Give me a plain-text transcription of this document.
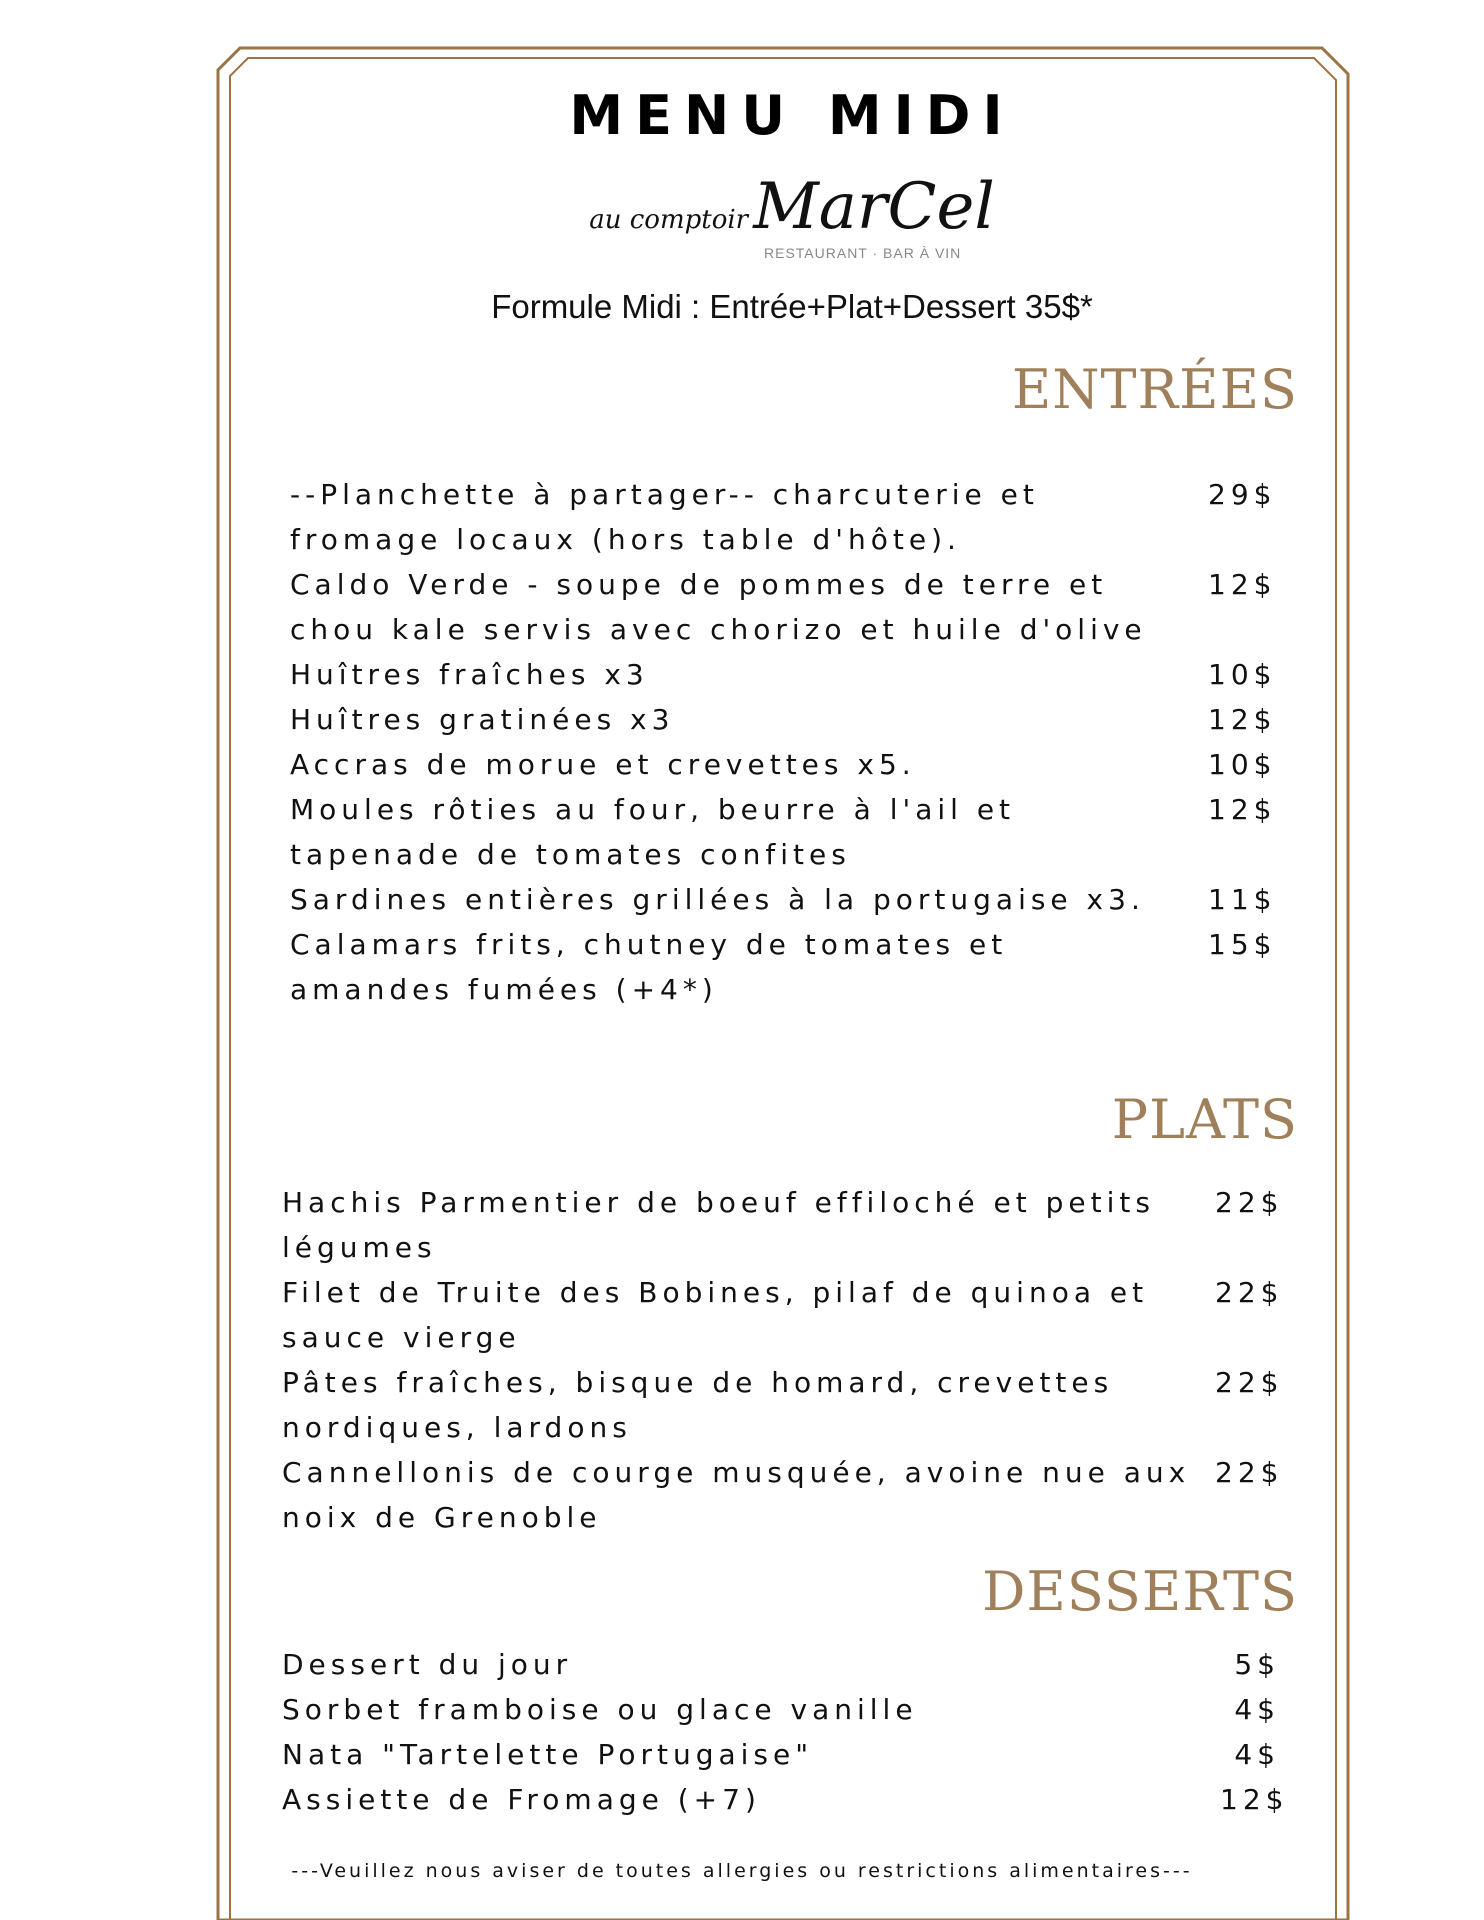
MENU MIDI
au comptoir MarCel
RESTAURANT · BAR À VIN
Formule Midi : Entrée+Plat+Dessert 35$*
ENTRÉES
PLATS
DESSERTS
--Planchette à partager-- charcuterie et
fromage locaux (hors table d'hôte).
29$
Caldo Verde - soupe de pommes de terre et
chou kale servis avec chorizo et huile d'olive
12$
Huîtres fraîches x3	10$
Huîtres gratinées x3	12$
Accras de morue et crevettes x5.	10$
Moules rôties au four, beurre à l'ail et
tapenade de tomates confites
12$
Sardines entières grillées à la portugaise x3. 11$
Calamars frits, chutney de tomates et
amandes fumées (+4*)
15$
Hachis Parmentier de boeuf effiloché et petits
légumes
22$
Filet de Truite des Bobines, pilaf de quinoa et
sauce vierge
22$
Pâtes fraîches, bisque de homard, crevettes
nordiques, lardons
22$
Cannellonis de courge musquée, avoine nue aux
noix de Grenoble
22$
Dessert du jour	5$
Sorbet framboise ou glace vanille	4$
Nata "Tartelette Portugaise"	4$
Assiette de Fromage (+7)	12$
---Veuillez nous aviser de toutes allergies ou restrictions alimentaires---
